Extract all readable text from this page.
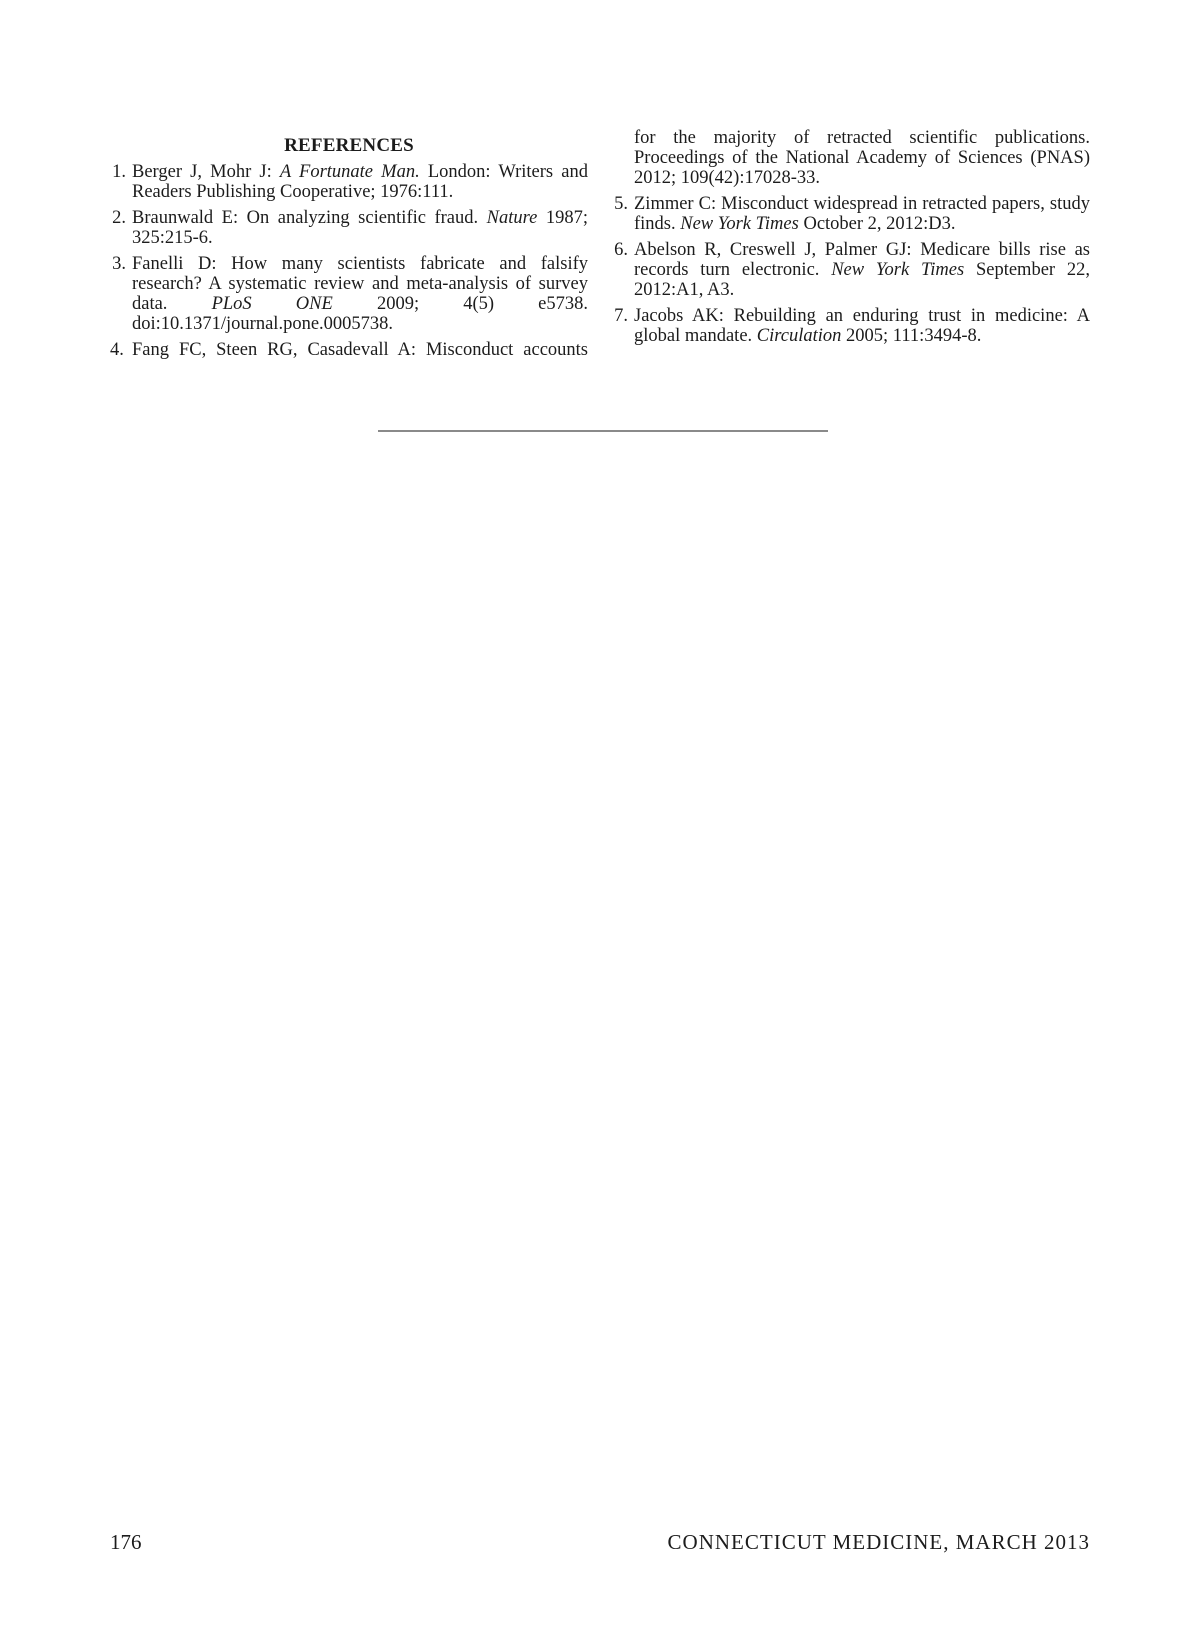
REFERENCES
1. Berger J, Mohr J: A Fortunate Man. London: Writers and Readers Publishing Cooperative; 1976:111.
2. Braunwald E: On analyzing scientific fraud. Nature 1987; 325:215-6.
3. Fanelli D: How many scientists fabricate and falsify research? A systematic review and meta-analysis of survey data. PLoS ONE 2009; 4(5) e5738. doi:10.1371/journal.pone.0005738.
4. Fang FC, Steen RG, Casadevall A: Misconduct accounts
for the majority of retracted scientific publications. Proceedings of the National Academy of Sciences (PNAS) 2012; 109(42):17028-33.
5. Zimmer C: Misconduct widespread in retracted papers, study finds. New York Times October 2, 2012:D3.
6. Abelson R, Creswell J, Palmer GJ: Medicare bills rise as records turn electronic. New York Times September 22, 2012:A1, A3.
7. Jacobs AK: Rebuilding an enduring trust in medicine: A global mandate. Circulation 2005; 111:3494-8.
176	CONNECTICUT MEDICINE, MARCH 2013
